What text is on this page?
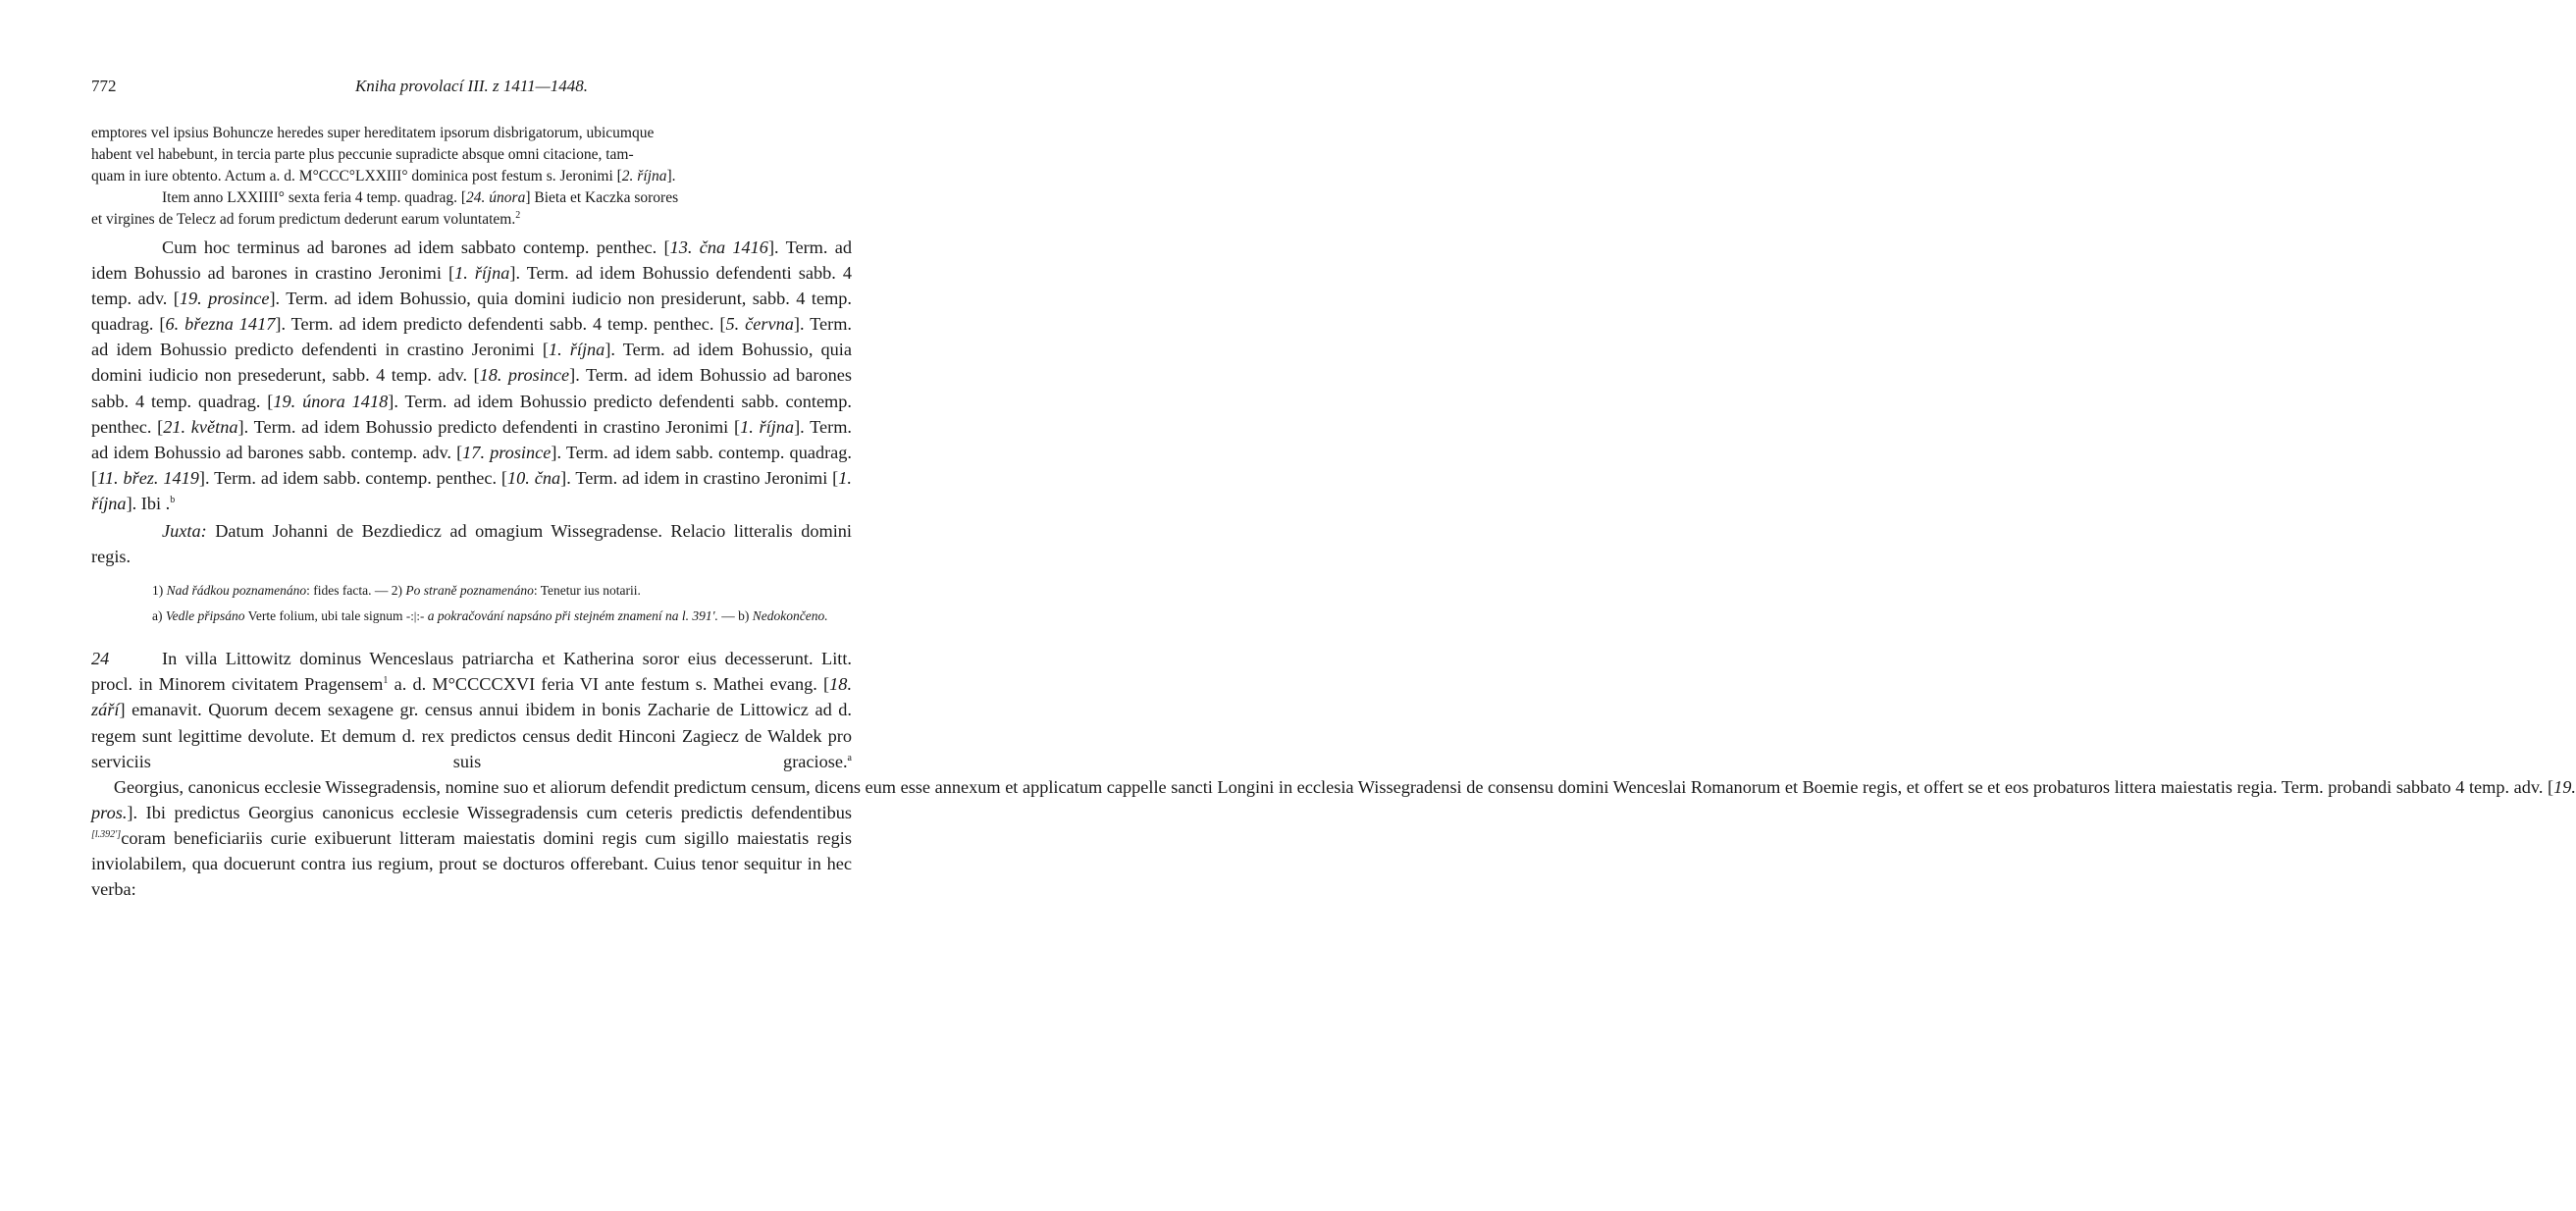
772	Kniha provolací III. z 1411—1448.

emptores vel ipsius Bohuncze heredes super hereditatem ipsorum disbrigatorum, ubicumque

habent vel habebunt, in tercia parte plus peccunie supradicte absque omni citacione, tam-

quam in iure obtento. Actum a. d. M°CCC°LXXIII° dominica post festum s. Jeronimi [2. října].

Item anno LXXIIII° sexta feria 4 temp. quadrag. [24. února] Bieta et Kaczka sorores

et virgines de Telecz ad forum predictum dederunt earum voluntatem.$^2$

Cum hoc terminus ad barones ad idem sabbato contemp. penthec. [13. čna 1416]. Term. ad idem Bohussio ad barones in crastino Jeronimi [1. října]. Term. ad idem Bohussio defendenti sabb. 4 temp. adv. [19. prosince]. Term. ad idem Bohussio, quia domini iudicio non presiderunt, sabb. 4 temp. quadrag. [6. března 1417]. Term. ad idem predicto defendenti sabb. 4 temp. penthec. [5. června]. Term. ad idem Bohussio predicto defendenti in crastino Jeronimi [1. října]. Term. ad idem Bohussio, quia domini iudicio non presederunt, sabb. 4 temp. adv. [18. prosince]. Term. ad idem Bohussio ad barones sabb. 4 temp. quadrag. [19. února 1418]. Term. ad idem Bohussio predicto defendenti sabb. contemp. penthec. [21. května]. Term. ad idem Bohussio predicto defendenti in crastino Jeronimi [1. října]. Term. ad idem Bohussio ad barones sabb. contemp. adv. [17. prosince]. Term. ad idem sabb. contemp. quadrag. [11. břez. 1419]. Term. ad idem sabb. contemp. penthec. [10. čna]. Term. ad idem in crastino Jeronimi [1. října]. Ibi .$^b$

Juxta: Datum Johanni de Bezdiedicz ad omagium Wissegradense. Relacio litteralis domini regis.

1) Nad řádkou poznamenáno: fides facta. — 2) Po straně poznamenáno: Tenetur ius notarii.

a) Vedle připsáno Verte folium, ubi tale signum -:|:- a pokračování napsáno při stejném znamení na l. 391'. — b) Nedokončeno.

24	In villa Littowitz dominus Wenceslaus patriarcha et Katherina soror eius decesserunt. Litt. procl. in Minorem civitatem Pragensem$^1$ a. d. M°CCCCXVI feria VI ante festum s. Mathei evang. [18. září] emanavit. Quorum decem sexagene gr. census annui ibidem in bonis Zacharie de Littowicz ad d. regem sunt legittime devolute. Et demum d. rex predictos census dedit Hinconi Zagiecz de Waldek pro serviciis suis graciose.$^a$     Georgius, canonicus ecclesie Wissegradensis, nomine suo et aliorum defendit predictum censum, dicens eum esse annexum et applicatum cappelle sancti Longini in ecclesia Wissegradensi de consensu domini Wenceslai Romanorum et Boemie regis, et offert se et eos probaturos littera maiestatis regia. Term. probandi sabbato 4 temp. adv. [19. pros.]. Ibi predictus Georgius canonicus ecclesie Wissegradensis cum ceteris predictis defendentibus [l.392']coram beneficiariis curie exibuerunt litteram maiestatis domini regis cum sigillo maiestatis regis inviolabilem, qua docuerunt contra ius regium, prout se docturos offerebant. Cuius tenor sequitur in hec verba:
